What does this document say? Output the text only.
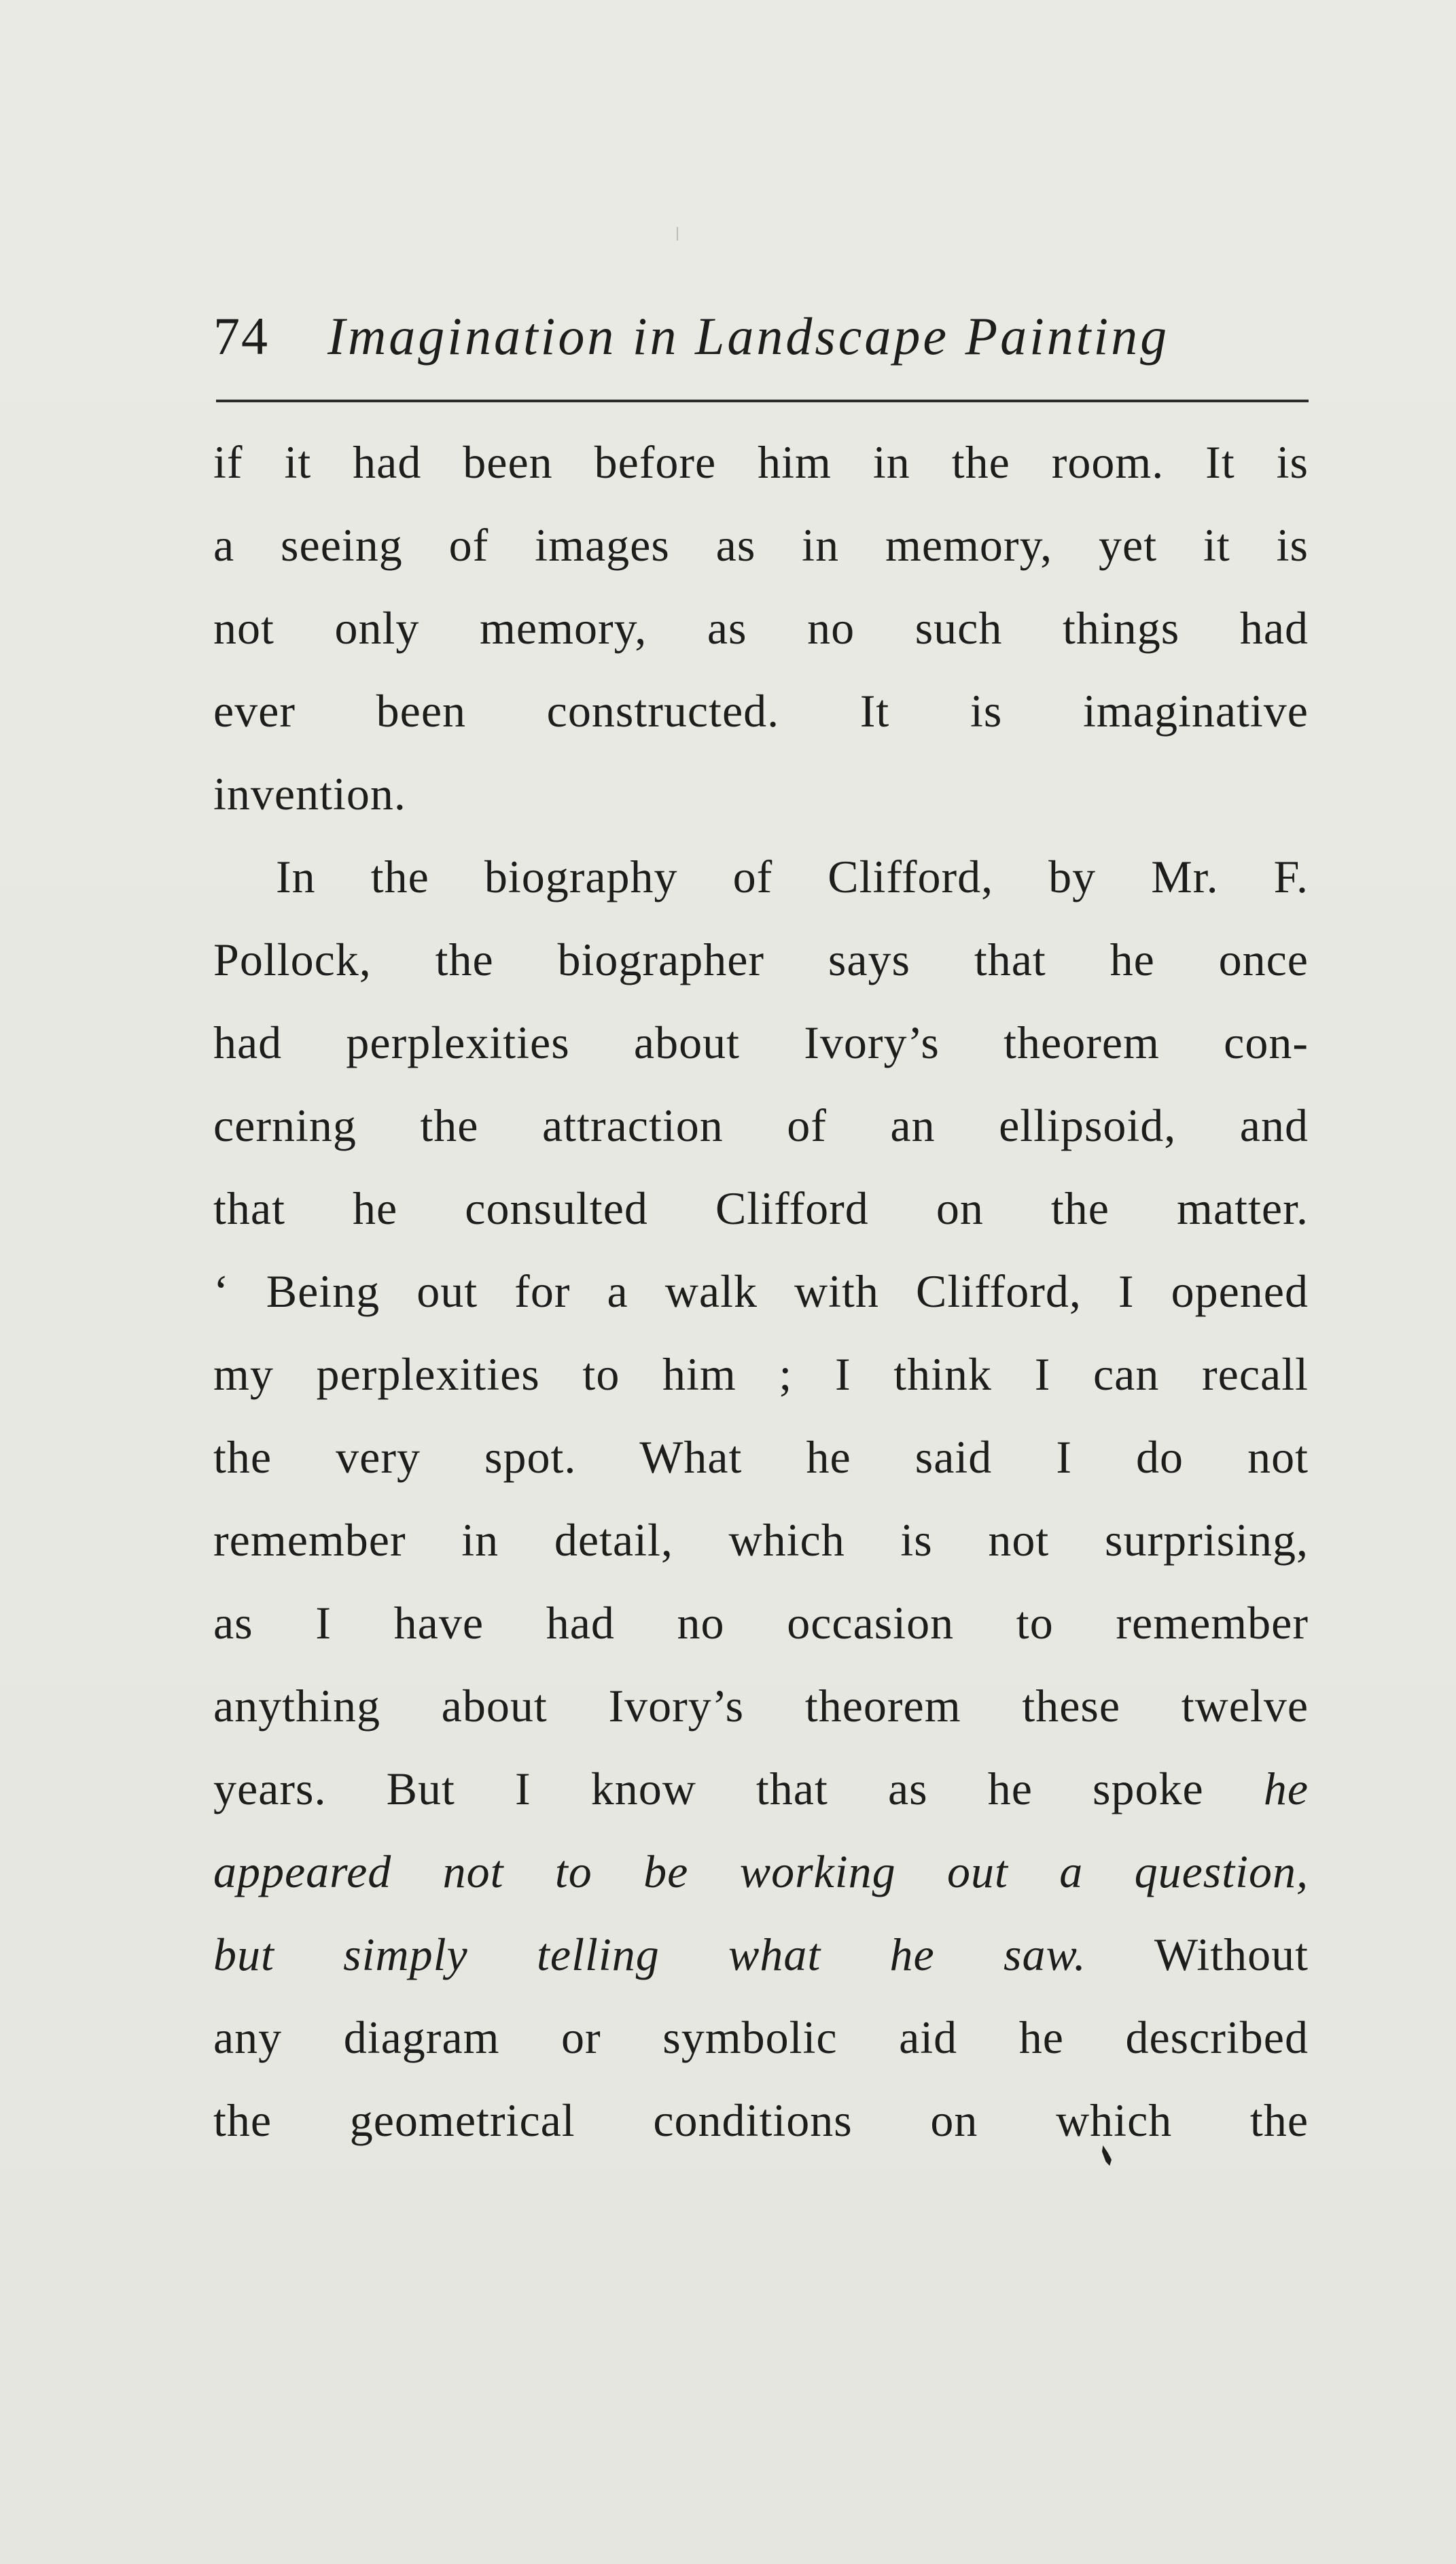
74 Imagination in Landscape Painting
if it had been before him in the room. It is
a seeing of images as in memory, yet it is
not only memory, as no such things had
ever been constructed. It is imaginative
invention.
In the biography of Clifford, by Mr. F.
Pollock, the biographer says that he once
had perplexities about Ivory’s theorem con-
cerning the attraction of an ellipsoid, and
that he consulted Clifford on the matter.
‘ Being out for a walk with Clifford, I opened
my perplexities to him ; I think I can recall
the very spot. What he said I do not
remember in detail, which is not surprising,
as I have had no occasion to remember
anything about Ivory’s theorem these twelve
years. But I know that as he spoke he
appeared not to be working out a question,
but simply telling what he saw. Without
any diagram or symbolic aid he described
the geometrical conditions on which the
